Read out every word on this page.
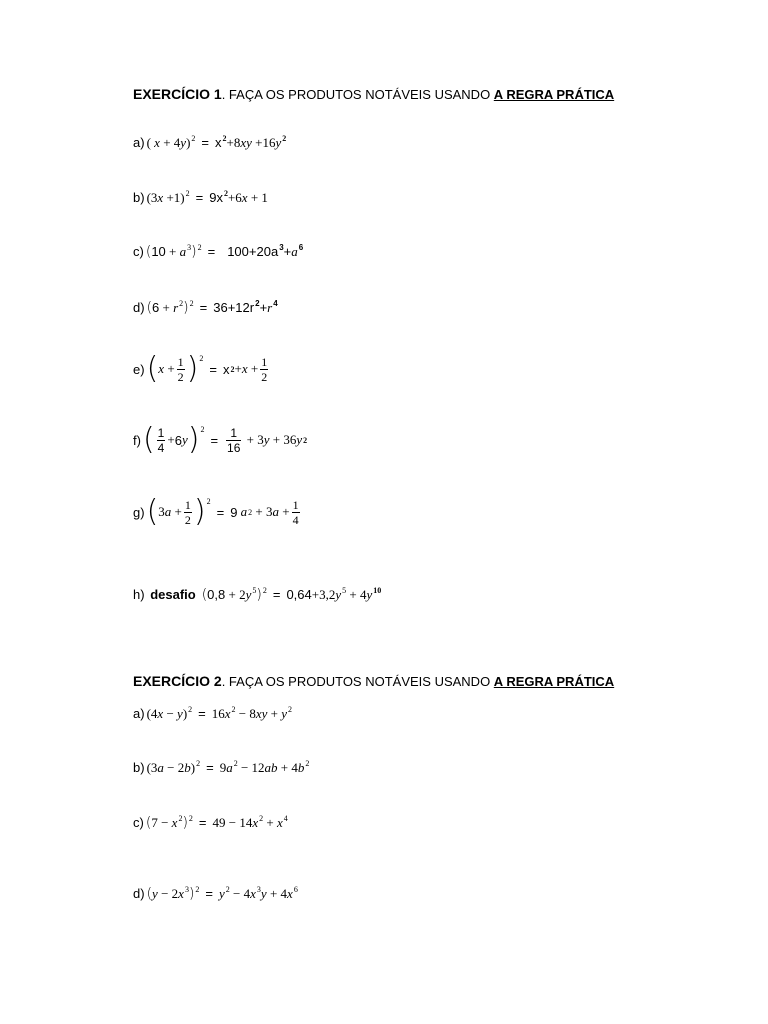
EXERCÍCIO 1. FAÇA OS PRODUTOS NOTÁVEIS USANDO A REGRA PRÁTICA
a) ( $x + 4y)^2 = x^2+8xy +16y^2$
b) $(3x +1)^2 = 9x^2+6x + 1$
c) $(10 + a^3)^2 = 100+20a^3+a^6$
d) $(6 + r^2)^2 = 36+12r^2+r^4$
e) ( x
+ $\frac{1}{2}$ ) 2
= x 2 + x
+ $\frac{1}{2}$
f) ( $\frac{1}{4} + 6$ y ) 2
= $\frac{1}{16}$
+
3 y
+
36 y 2
g) ( 3 a
+ $\frac{1}{2}$ ) 2
= 9
a 2
+
3 a
+ $\frac{1}{4}$
h)
desafio $(0,8 + 2y^5)^2 = 0,64+3,2y^5 + 4y^{10}$
EXERCÍCIO 2. FAÇA OS PRODUTOS NOTÁVEIS USANDO A REGRA PRÁTICA
a) $(4x - y)^2 = 16x^2 - 8xy + y^2$
b) $(3a - 2b)^2 = 9a^2 - 12ab + 4b^2$
c) $(7 - x^2)^2 = 49 - 14x^2 + x^4$
d) $(y - 2x^3)^2 = y^2 - 4x^3y + 4x^6$
